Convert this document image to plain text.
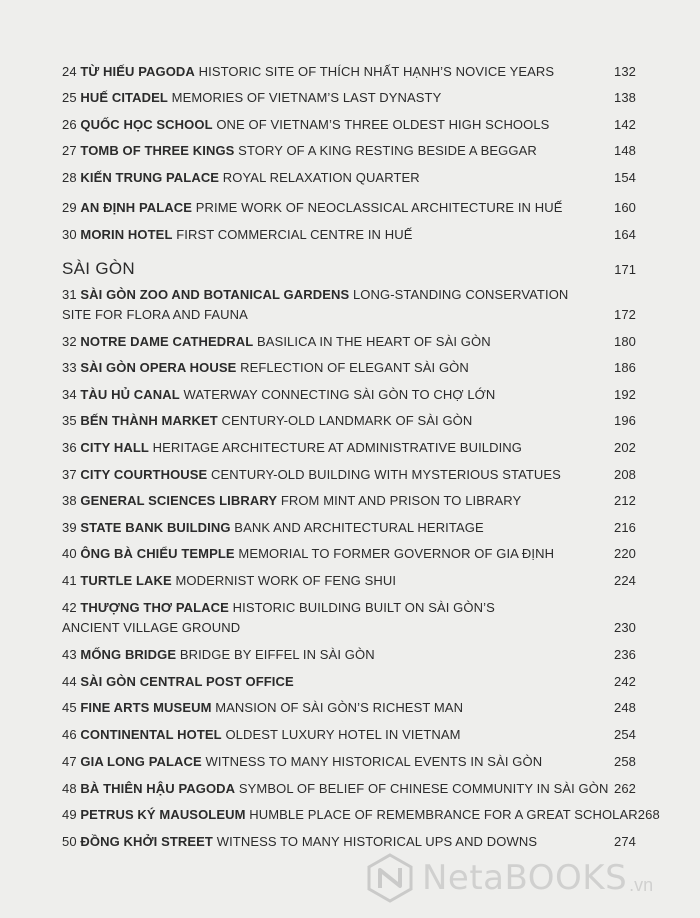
24 TỪ HIẾU PAGODA HISTORIC SITE OF THÍCH NHẤT HẠNH’S NOVICE YEARS	132
25 HUẾ CITADEL MEMORIES OF VIETNAM’S LAST DYNASTY	138
26 QUỐC HỌC SCHOOL ONE OF VIETNAM’S THREE OLDEST HIGH SCHOOLS	142
27 TOMB OF THREE KINGS STORY OF A KING RESTING BESIDE A BEGGAR	148
28 KIẾN TRUNG PALACE ROYAL RELAXATION QUARTER	154
29 AN ĐỊNH PALACE PRIME WORK OF NEOCLASSICAL ARCHITECTURE IN HUẾ	160
30 MORIN HOTEL FIRST COMMERCIAL CENTRE IN HUẾ	164
SÀI GÒN	171
31 SÀI GÒN ZOO AND BOTANICAL GARDENS LONG-STANDING CONSERVATION
SITE FOR FLORA AND FAUNA	172
32 NOTRE DAME CATHEDRAL BASILICA IN THE HEART OF SÀI GÒN	180
33 SÀI GÒN OPERA HOUSE REFLECTION OF ELEGANT SÀI GÒN	186
34 TÀU HỦ CANAL WATERWAY CONNECTING SÀI GÒN TO CHỢ LỚN	192
35 BẾN THÀNH MARKET CENTURY-OLD LANDMARK OF SÀI GÒN	196
36 CITY HALL HERITAGE ARCHITECTURE AT ADMINISTRATIVE BUILDING	202
37 CITY COURTHOUSE CENTURY-OLD BUILDING WITH MYSTERIOUS STATUES	208
38 GENERAL SCIENCES LIBRARY FROM MINT AND PRISON TO LIBRARY	212
39 STATE BANK BUILDING BANK AND ARCHITECTURAL HERITAGE	216
40 ÔNG BÀ CHIỂU TEMPLE MEMORIAL TO FORMER GOVERNOR OF GIA ĐỊNH	220
41 TURTLE LAKE MODERNIST WORK OF FENG SHUI	224
42 THƯỢNG THƠ PALACE HISTORIC BUILDING BUILT ON SÀI GÒN’S
ANCIENT VILLAGE GROUND	230
43 MỐNG BRIDGE BRIDGE BY EIFFEL IN SÀI GÒN	236
44 SÀI GÒN CENTRAL POST OFFICE	242
45 FINE ARTS MUSEUM MANSION OF SÀI GÒN’S RICHEST MAN	248
46 CONTINENTAL HOTEL OLDEST LUXURY HOTEL IN VIETNAM	254
47 GIA LONG PALACE WITNESS TO MANY HISTORICAL EVENTS IN SÀI GÒN	258
48 BÀ THIÊN HẬU PAGODA SYMBOL OF BELIEF OF CHINESE COMMUNITY IN SÀI GÒN 262
49 PETRUS KÝ MAUSOLEUM HUMBLE PLACE OF REMEMBRANCE FOR A GREAT SCHOLAR 268
50 ĐỒNG KHỞI STREET WITNESS TO MANY HISTORICAL UPS AND DOWNS	274
NetaBOOKS .vn
